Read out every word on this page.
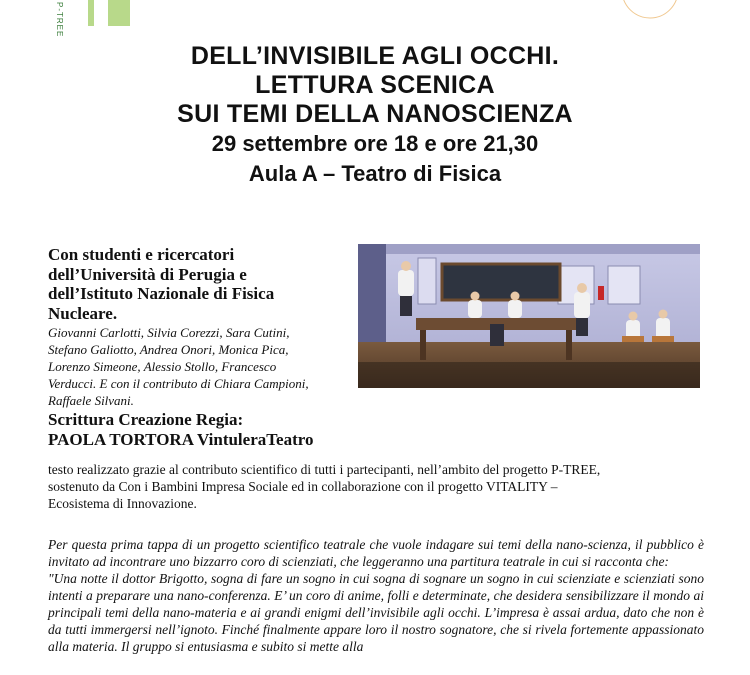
P-TREE
DELL’INVISIBILE AGLI OCCHI.
LETTURA SCENICA
SUI TEMI DELLA NANOSCIENZA
29 settembre ore 18 e ore 21,30
Aula A – Teatro di Fisica
Con studenti e ricercatori
dell’Università di Perugia e
dell’Istituto Nazionale di Fisica
Nucleare.
Giovanni Carlotti, Silvia Corezzi, Sara Cutini,
Stefano Galiotto, Andrea Onori, Monica Pica,
Lorenzo Simeone, Alessio Stollo, Francesco
Verducci. E con il contributo di Chiara Campioni,
Raffaele Silvani.
Scrittura Creazione Regia:
PAOLA TORTORA VintuleraTeatro
testo realizzato grazie al contributo scientifico di tutti i partecipanti, nell’ambito del progetto P-TREE,
sostenuto da Con i Bambini Impresa Sociale ed in collaborazione con il progetto VITALITY –
Ecosistema di Innovazione.

Per questa prima tappa di un progetto scientifico teatrale che vuole indagare sui temi della nano-scienza, il pubblico è invitato ad incontrare uno bizzarro coro di scienziati, che leggeranno una partitura teatrale in cui si racconta che:

"Una notte il dottor Brigotto, sogna di fare un sogno in cui sogna di sognare un sogno in cui scienziate e scienziati sono intenti a preparare una nano-conferenza. E’ un coro di anime, folli e determinate, che desidera sensibilizzare il mondo ai principali temi della nano-materia e ai grandi enigmi dell’invisibile agli occhi. L’impresa è assai ardua, dato che non è da tutti immergersi nell’ignoto. Finché finalmente appare loro il nostro sognatore, che si rivela fortemente appassionato alla materia. Il gruppo si entusiasma e subito si mette alla
